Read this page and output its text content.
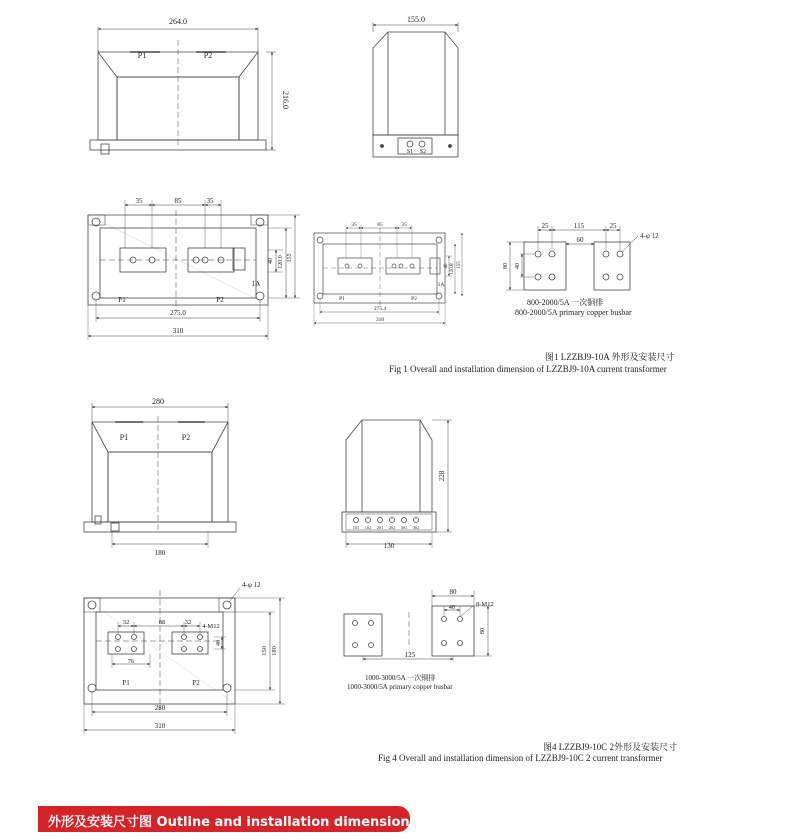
264.0
P1	P2
216.0
155.0
S1 S2
35	85	35
P1	P2
40 120.0 155
1A
275.0
310
35	85	35
P1	P2
40 120.8 155
1A
275.4
310
25	115	25
60	4-φ 12
80 40
280
P1	P2
180
1S1 1S2 2S1 2S2 3S1 3S2
228
130
4-φ 12
32	88	32
4-M12
40
76
150 180
P1	P2
280
310
80
40	8-M12
80
125
800-2000/5A 一次铜排
800-2000/5A primary copper busbar
图1 LZZBJ9-10A 外形及安装尺寸
Fig 1 Overall and installation dimension of LZZBJ9-10A current transformer
1000-3000/5A 一次铜排
1000-3000/5A primary copper busbar
图4 LZZBJ9-10C 2外形及安装尺寸
Fig 4 Overall and installation dimension of LZZBJ9-10C 2 current transformer
外形及安装尺寸图 Outline and installation dimension
